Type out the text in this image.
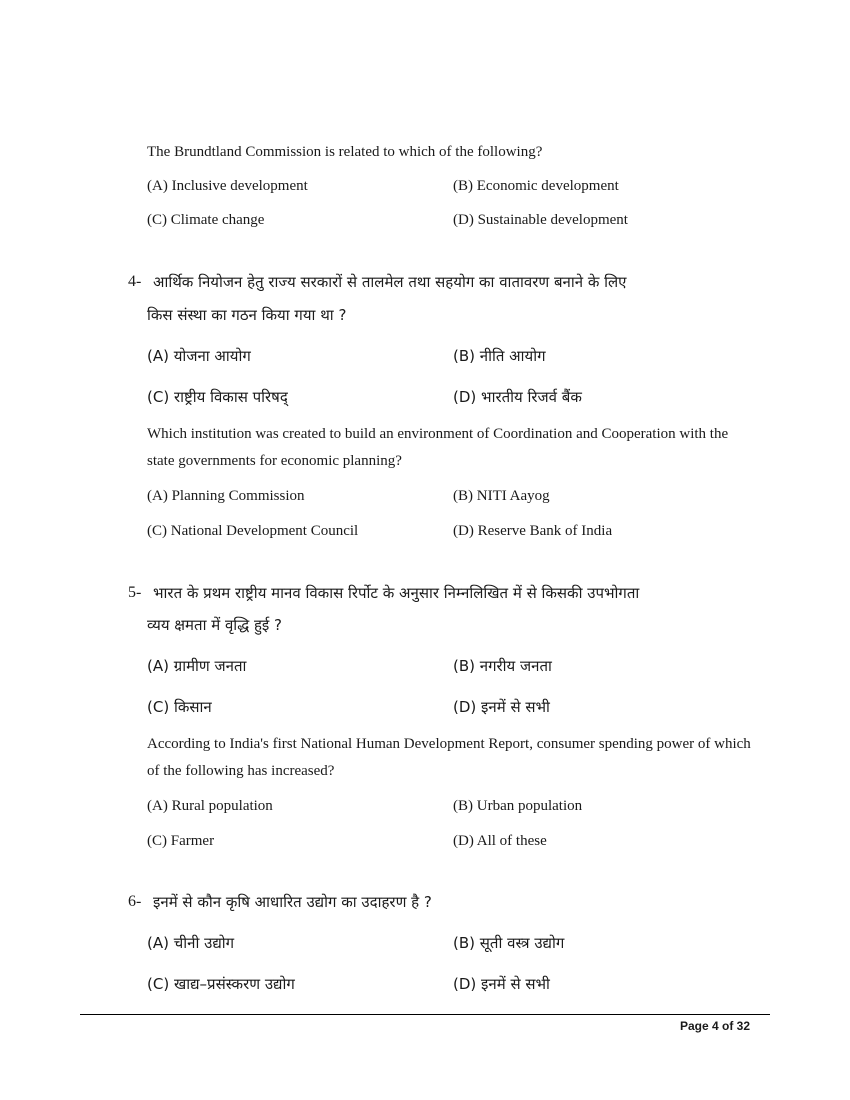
The Brundtland Commission is related to which of the following?
(A) Inclusive development	(B) Economic development
(C) Climate change	(D) Sustainable development
4- आर्थिक नियोजन हेतु राज्य सरकारों से तालमेल तथा सहयोग का वातावरण बनाने के लिए
किस संस्था का गठन किया गया था ?
(A) योजना आयोग	(B) नीति आयोग
(C) राष्ट्रीय विकास परिषद्	(D) भारतीय रिजर्व बैंक
Which institution was created to build an environment of Coordination and Cooperation with the state governments for economic planning?
(A) Planning Commission	(B) NITI Aayog
(C) National Development Council	(D) Reserve Bank of India
5- भारत के प्रथम राष्ट्रीय मानव विकास रिर्पोट के अनुसार निम्नलिखित में से किसकी उपभोगता
व्यय क्षमता में वृद्धि हुई ?
(A) ग्रामीण जनता	(B) नगरीय जनता
(C) किसान	(D) इनमें से सभी
According to India's first National Human Development Report, consumer spending power of which of the following has increased?
(A) Rural population	(B) Urban population
(C) Farmer	(D) All of these
6- इनमें से कौन कृषि आधारित उद्योग का उदाहरण है ?
(A) चीनी उद्योग	(B) सूती वस्त्र उद्योग
(C) खाद्य–प्रसंस्करण उद्योग	(D) इनमें से सभी
Page 4 of 32
